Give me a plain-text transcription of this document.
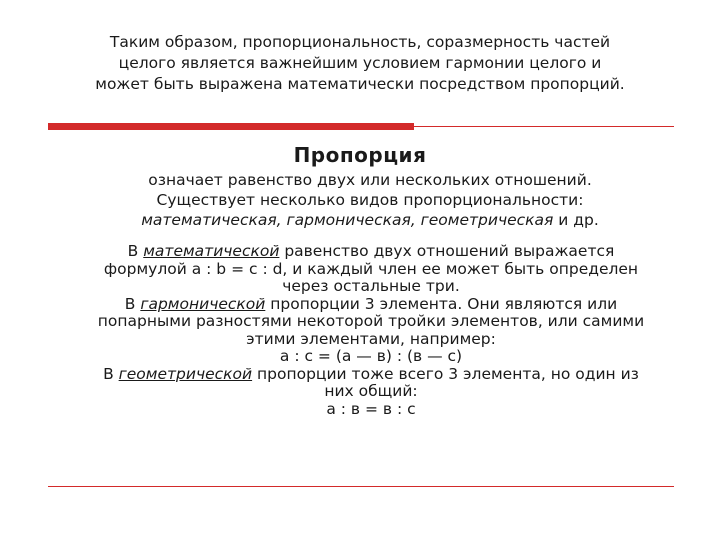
Таким образом, пропорциональность, соразмерность частей
целого является важнейшим условием гармонии целого и
может быть выражена математически посредством пропорций.
Пропорция
означает равенство двух или нескольких отношений.
Существует несколько видов пропорциональности:
математическая, гармоническая, геометрическая и др.
В математической равенство двух отношений выражается
формулой a : b = c : d, и каждый член ее может быть определен
через остальные три.
В гармонической пропорции 3 элемента. Они являются или
попарными разностями некоторой тройки элементов, или самими
этими элементами, например:
a : c = (a — в) : (в — с)
В геометрической пропорции тоже всего 3 элемента, но один из
них общий:
a : в = в : с
